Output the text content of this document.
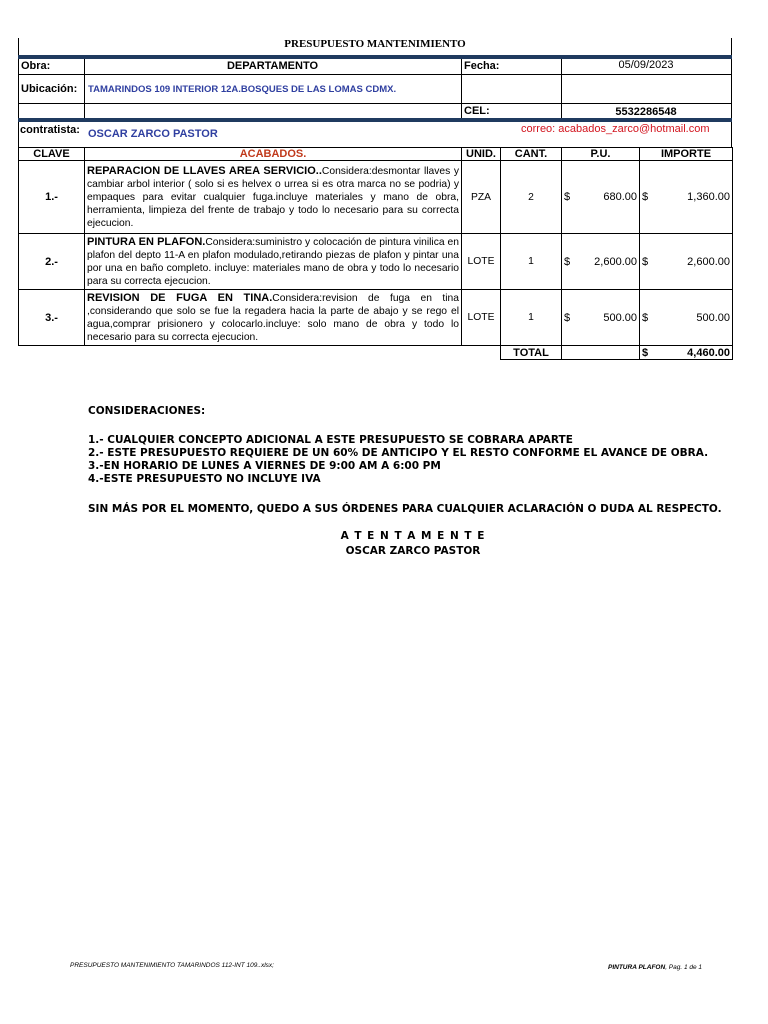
PRESUPUESTO MANTENIMIENTO
Obra:	DEPARTAMENTO	Fecha:	05/09/2023
Ubicación: TAMARINDOS 109 INTERIOR 12A.BOSQUES DE LAS LOMAS CDMX.
CEL:	5532286548
contratista: OSCAR ZARCO PASTOR	correo: acabados_zarco@hotmail.com
CLAVE	ACABADOS.	UNID.	CANT.	P.U.	IMPORTE
1.-	REPARACION DE LLAVES AREA SERVICIO..Considera:desmontar llaves y cambiar arbol interior ( solo si es helvex o urrea si es otra marca no se podria) y empaques para evitar cualquier fuga.incluye materiales y mano de obra, herramienta, limpieza del frente de trabajo y todo lo necesario para su correcta ejecucion.	PZA	2	$ 680.00	$ 1,360.00

2.-	PINTURA EN PLAFON.Considera:suministro y colocación de pintura vinilica en plafon del depto 11-A en plafon modulado,retirando piezas de plafon y pintar una por una en baño completo. incluye: materiales mano de obra y todo lo necesario para su correcta ejecucion.	LOTE	1	$ 2,600.00	$ 2,600.00

3.-	REVISION DE FUGA EN TINA.Considera:revision de fuga en tina ,considerando que solo se fue la regadera hacia la parte de abajo y se rego el agua,comprar prisionero y colocarlo.incluye: solo mano de obra y todo lo necesario para su correcta ejecucion.	LOTE	1	$ 500.00	$ 500.00

			TOTAL		$ 4,460.00
CONSIDERACIONES:
1.- CUALQUIER CONCEPTO ADICIONAL A ESTE PRESUPUESTO SE COBRARA APARTE
2.- ESTE PRESUPUESTO REQUIERE DE UN 60% DE ANTICIPO Y EL RESTO CONFORME EL AVANCE DE OBRA.
3.-EN HORARIO DE LUNES A VIERNES DE 9:00 AM A 6:00 PM
4.-ESTE PRESUPUESTO NO INCLUYE IVA
SIN MÁS POR EL MOMENTO, QUEDO A SUS ÓRDENES PARA CUALQUIER ACLARACIÓN O DUDA AL RESPECTO.
A T E N T A M E N T E
OSCAR ZARCO PASTOR
PRESUPUESTO MANTENIMIENTO TAMARINDOS 112-INT 109..xlsx;	PINTURA PLAFON, Pag. 1 de 1
